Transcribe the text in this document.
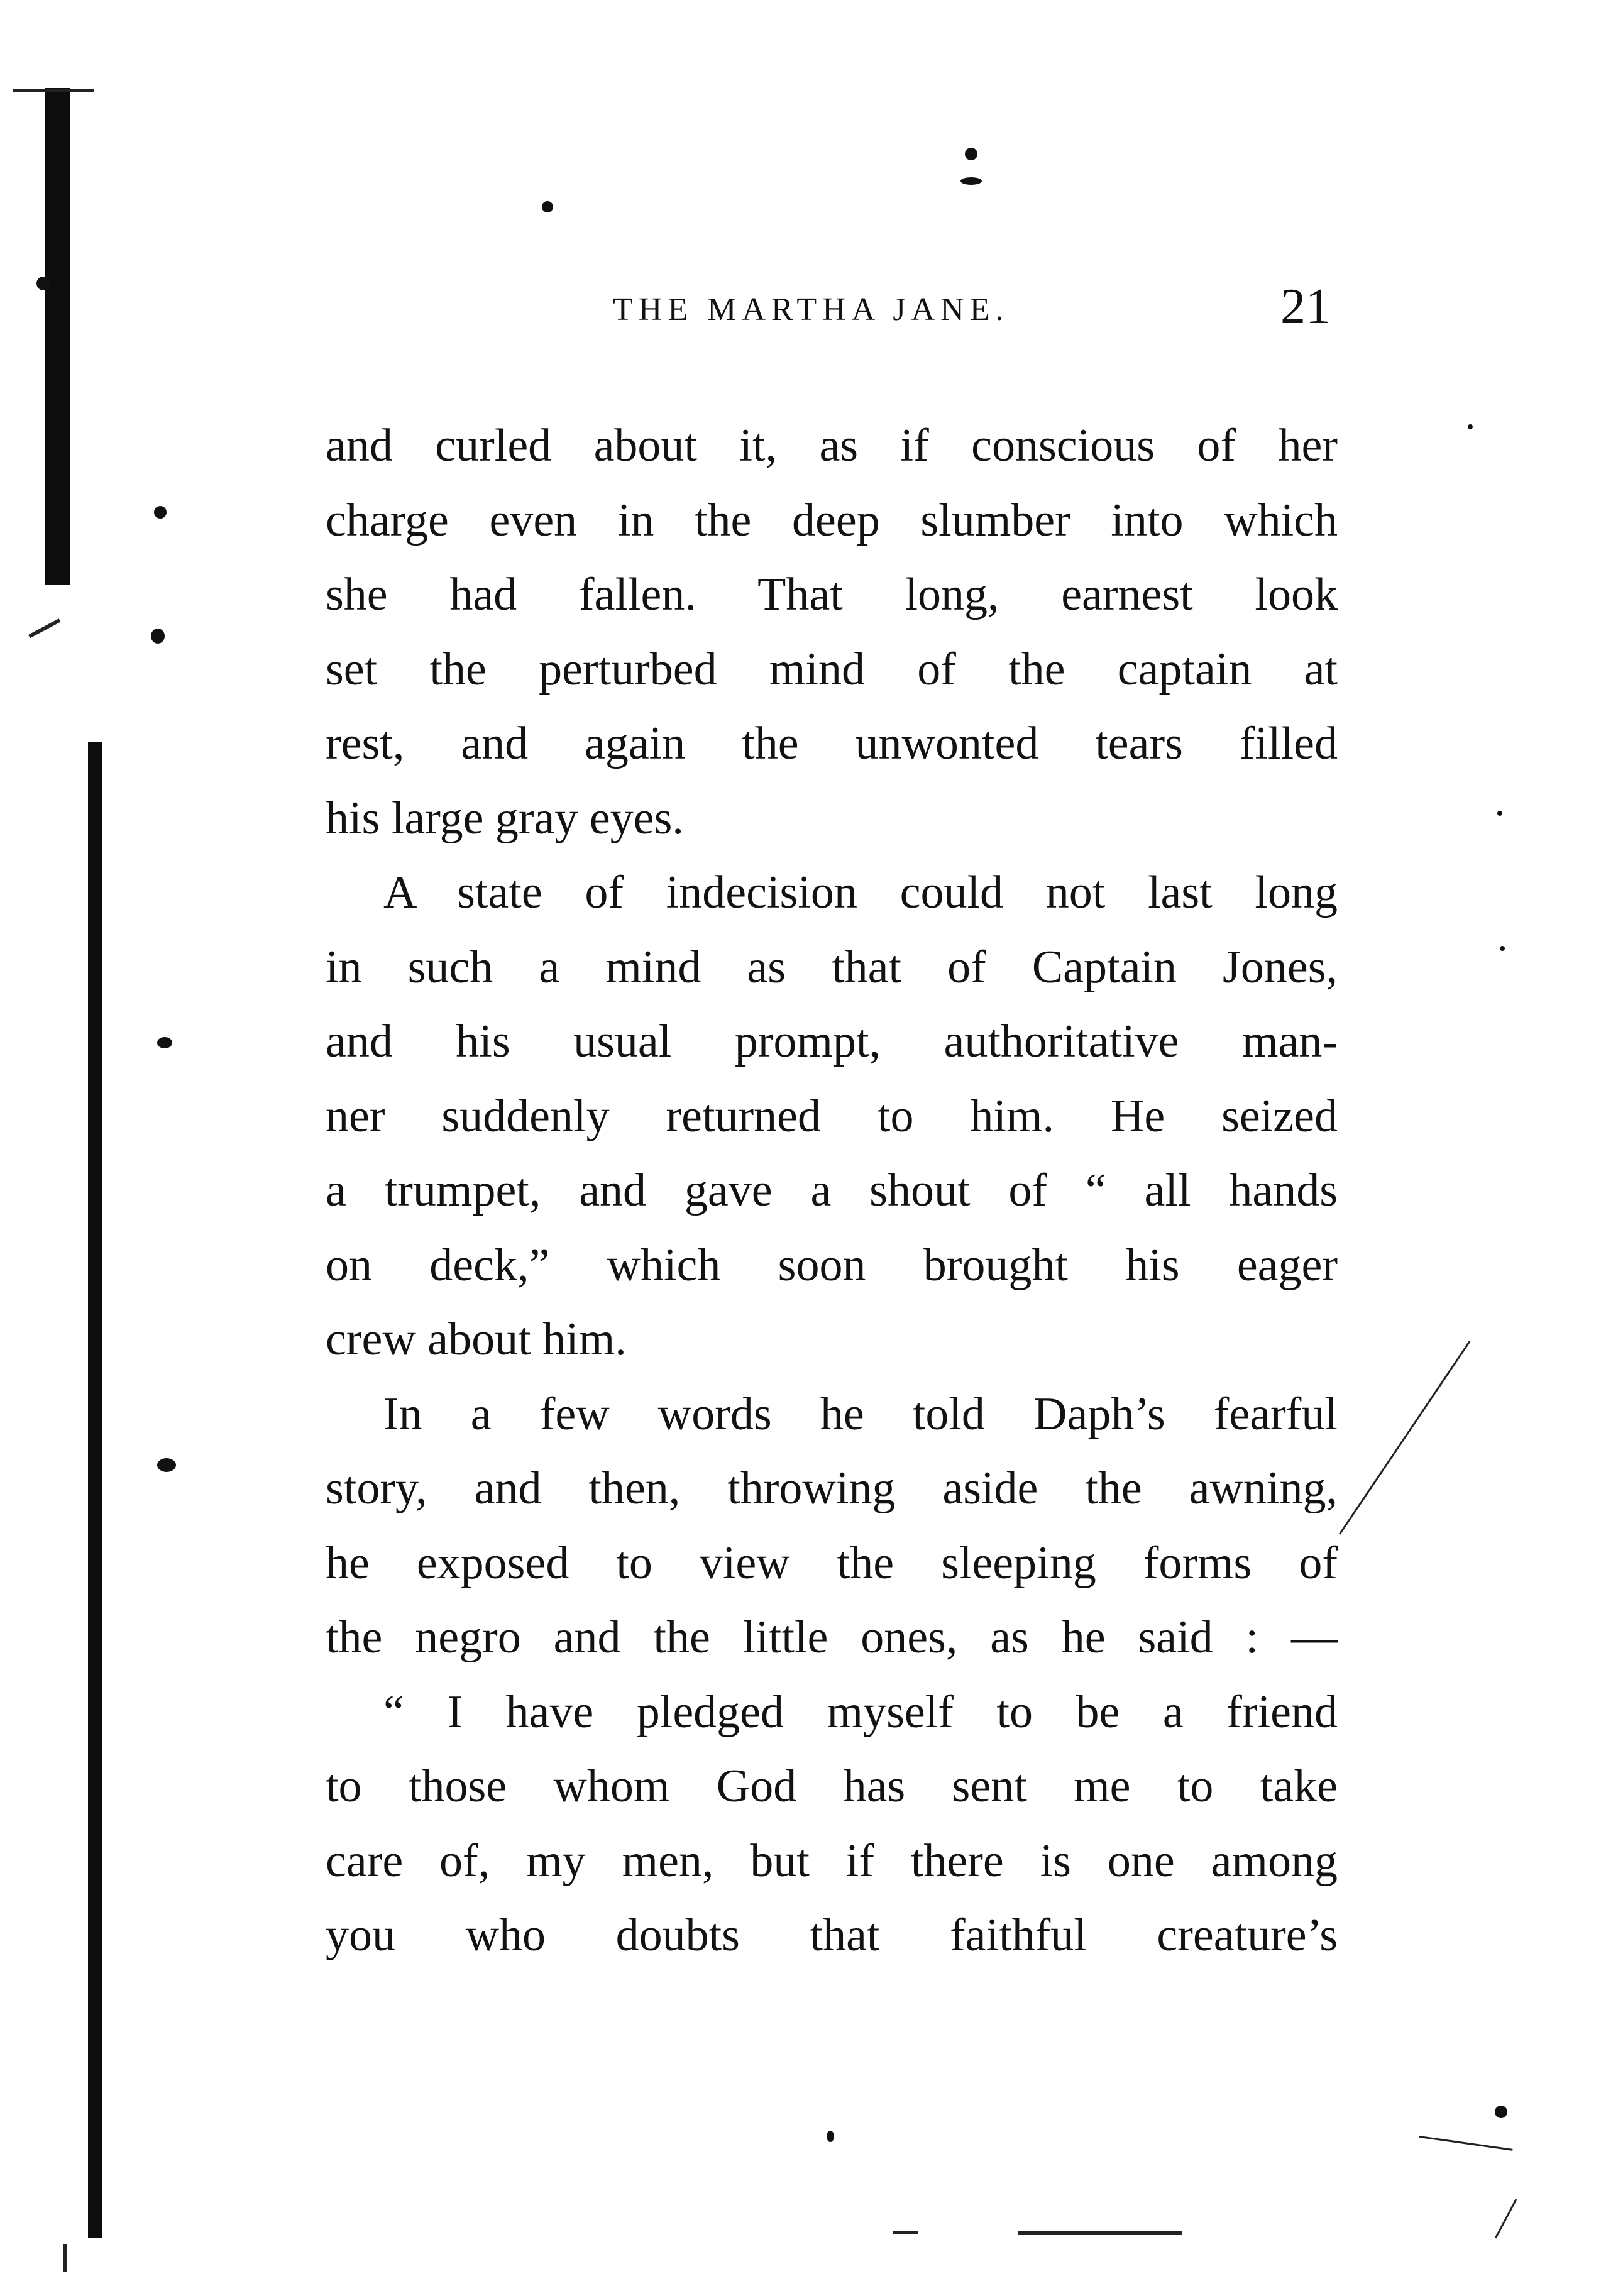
THE MARTHA JANE.	21
and curled about it, as if conscious of her
charge even in the deep slumber into which
she had fallen. That long, earnest look
set the perturbed mind of the captain at
rest, and again the unwonted tears filled
his large gray eyes.
A state of indecision could not last long
in such a mind as that of Captain Jones,
and his usual prompt, authoritative man-
ner suddenly returned to him. He seized
a trumpet, and gave a shout of “ all hands
on deck,” which soon brought his eager
crew about him.
In a few words he told Daph’s fearful
story, and then, throwing aside the awning,
he exposed to view the sleeping forms of
the negro and the little ones, as he said : —
“ I have pledged myself to be a friend
to those whom God has sent me to take
care of, my men, but if there is one among
you who doubts that faithful creature’s
